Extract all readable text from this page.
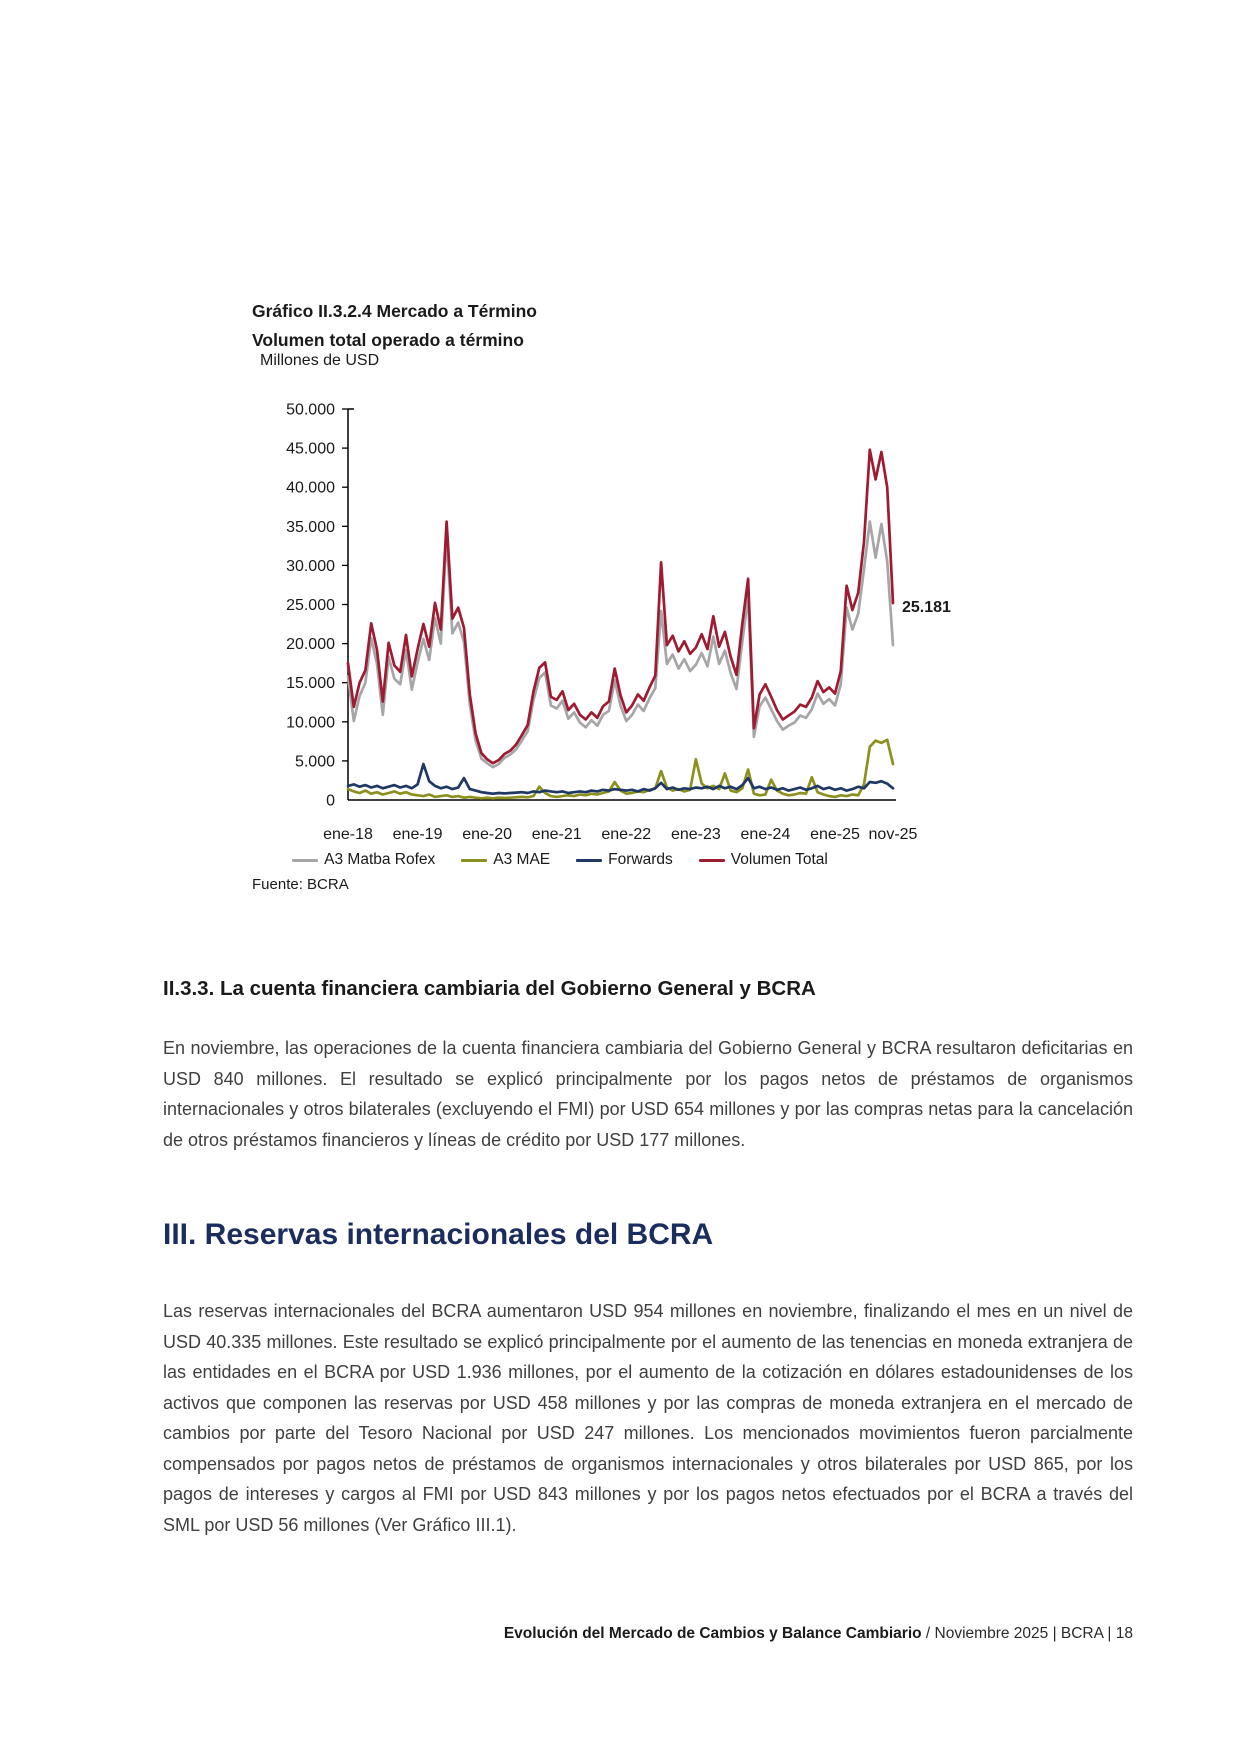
Gráfico II.3.2.4 Mercado a Término
Volumen total operado a término
Millones de USD
0
5.000
10.000
15.000
20.000
25.000
30.000
35.000
40.000
45.000
50.000
ene-18 ene-19 ene-20 ene-21 ene-22 ene-23 ene-24 ene-25 nov-25
25.181
A3 Matba Rofex	A3 MAE	Forwards	Volumen Total
Fuente: BCRA
II.3.3. La cuenta financiera cambiaria del Gobierno General y BCRA
En noviembre, las operaciones de la cuenta financiera cambiaria del Gobierno General y BCRA resultaron deficitarias en USD 840 millones. El resultado se explicó principalmente por los pagos netos de préstamos de organismos internacionales y otros bilaterales (excluyendo el FMI) por USD 654 millones y por las compras netas para la cancelación de otros préstamos financieros y líneas de crédito por USD 177 millones.
III. Reservas internacionales del BCRA
Las reservas internacionales del BCRA aumentaron USD 954 millones en noviembre, finalizando el mes en un nivel de USD 40.335 millones. Este resultado se explicó principalmente por el aumento de las tenencias en moneda extranjera de las entidades en el BCRA por USD 1.936 millones, por el aumento de la cotización en dólares estadounidenses de los activos que componen las reservas por USD 458 millones y por las compras de moneda extranjera en el mercado de cambios por parte del Tesoro Nacional por USD 247 millones. Los mencionados movimientos fueron parcialmente compensados por pagos netos de préstamos de organismos internacionales y otros bilaterales por USD 865, por los pagos de intereses y cargos al FMI por USD 843 millones y por los pagos netos efectuados por el BCRA a través del SML por USD 56 millones (Ver Gráfico III.1).
Evolución del Mercado de Cambios y Balance Cambiario / Noviembre 2025 | BCRA | 18
